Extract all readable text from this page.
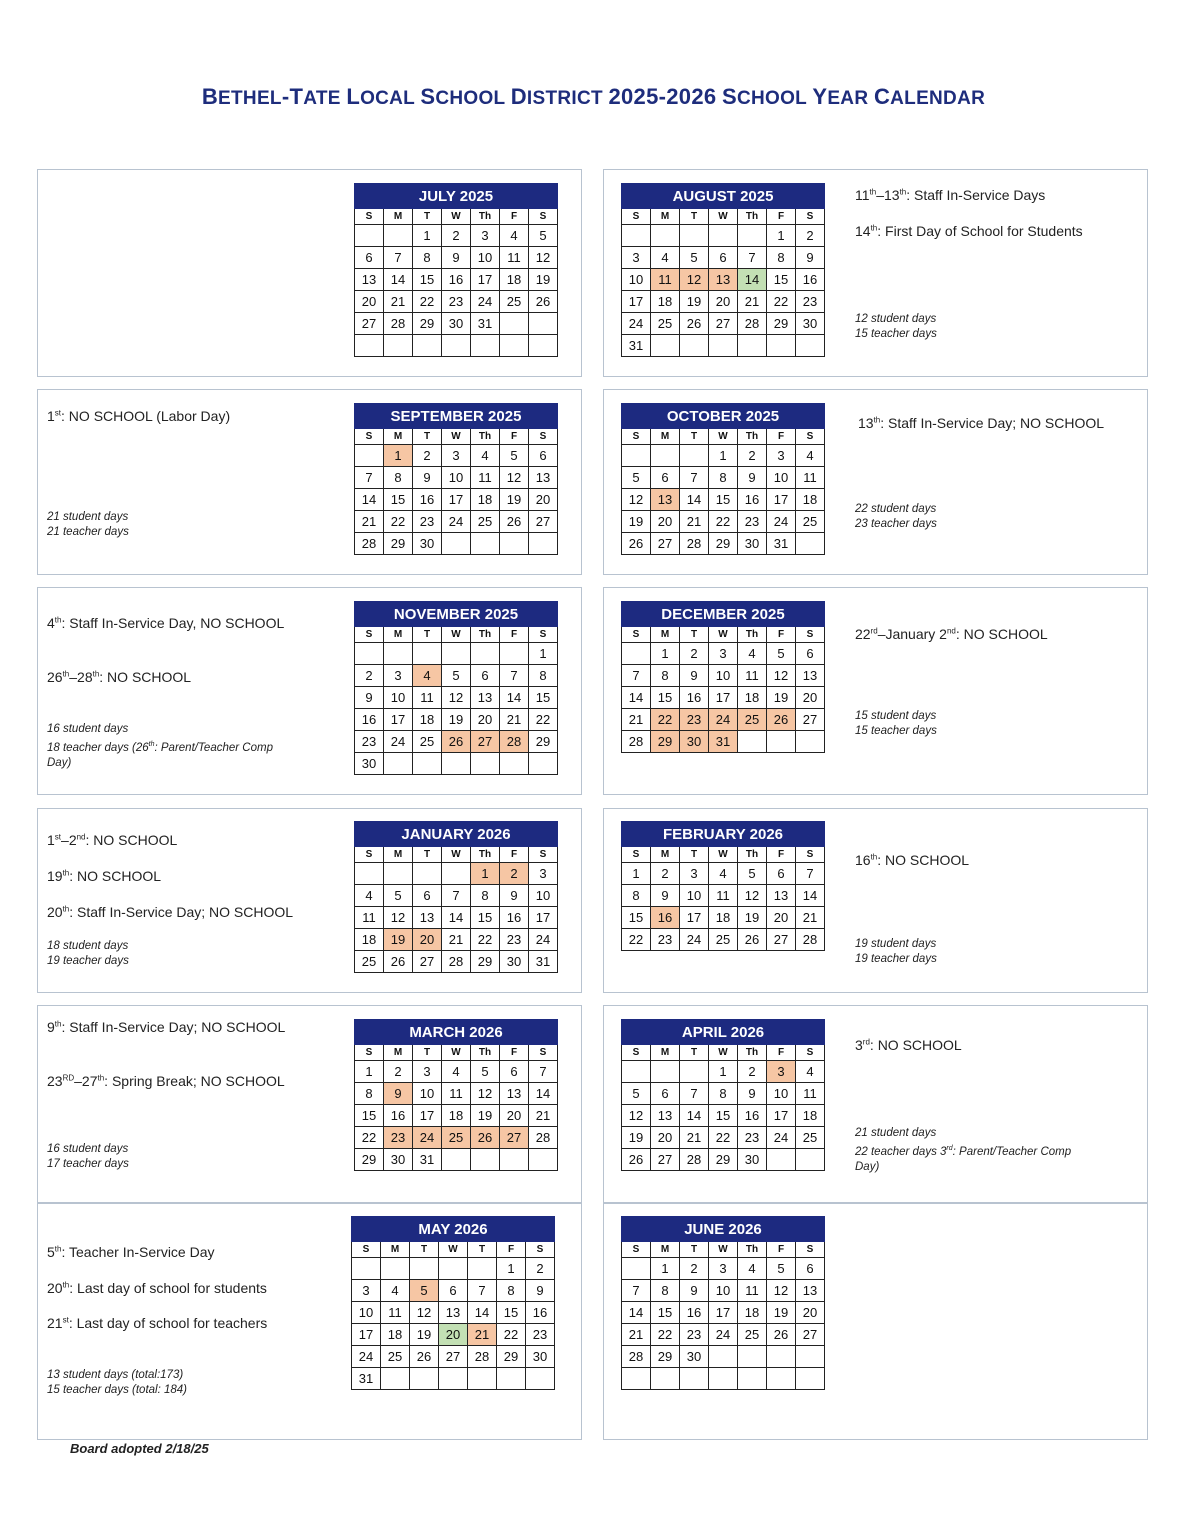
BETHEL-TATE LOCAL SCHOOL DISTRICT 2025-2026 SCHOOL YEAR CALENDAR
JULY 2025						
S	M	T	W	Th	F	S
		1	2	3	4	5
6	7	8	9	10	11	12
13	14	15	16	17	18	19
20	21	22	23	24	25	26
27	28	29	30	31		

AUGUST 2025						
S	M	T	W	Th	F	S
					1	2
3	4	5	6	7	8	9
10	11	12	13	14	15	16
17	18	19	20	21	22	23
24	25	26	27	28	29	30
31						
SEPTEMBER 2025						
S	M	T	W	Th	F	S
	1	2	3	4	5	6
7	8	9	10	11	12	13
14	15	16	17	18	19	20
21	22	23	24	25	26	27
28	29	30				
OCTOBER 2025						
S	M	T	W	Th	F	S
			1	2	3	4
5	6	7	8	9	10	11
12	13	14	15	16	17	18
19	20	21	22	23	24	25
26	27	28	29	30	31	
NOVEMBER 2025						
S	M	T	W	Th	F	S
						1
2	3	4	5	6	7	8
9	10	11	12	13	14	15
16	17	18	19	20	21	22
23	24	25	26	27	28	29
30						
DECEMBER 2025						
S	M	T	W	Th	F	S
	1	2	3	4	5	6
7	8	9	10	11	12	13
14	15	16	17	18	19	20
21	22	23	24	25	26	27
28	29	30	31			
JANUARY 2026						
S	M	T	W	Th	F	S
				1	2	3
4	5	6	7	8	9	10
11	12	13	14	15	16	17
18	19	20	21	22	23	24
25	26	27	28	29	30	31
FEBRUARY 2026						
S	M	T	W	Th	F	S
1	2	3	4	5	6	7
8	9	10	11	12	13	14
15	16	17	18	19	20	21
22	23	24	25	26	27	28
MARCH 2026						
S	M	T	W	Th	F	S
1	2	3	4	5	6	7
8	9	10	11	12	13	14
15	16	17	18	19	20	21
22	23	24	25	26	27	28
29	30	31				
APRIL 2026						
S	M	T	W	Th	F	S
			1	2	3	4
5	6	7	8	9	10	11
12	13	14	15	16	17	18
19	20	21	22	23	24	25
26	27	28	29	30		
MAY 2026						
S	M	T	W	T	F	S
					1	2
3	4	5	6	7	8	9
10	11	12	13	14	15	16
17	18	19	20	21	22	23
24	25	26	27	28	29	30
31						
JUNE 2026						
S	M	T	W	Th	F	S
	1	2	3	4	5	6
7	8	9	10	11	12	13
14	15	16	17	18	19	20
21	22	23	24	25	26	27
28	29	30				

11th–13th: Staff In-Service Days
14th: First Day of School for Students
12 student days
15 teacher days
1st: NO SCHOOL (Labor Day)
21 student days
21 teacher days
13th: Staff In-Service Day; NO SCHOOL
22 student days
23 teacher days
4th: Staff In-Service Day, NO SCHOOL
26th–28th: NO SCHOOL
16 student days
18 teacher days (26th: Parent/Teacher Comp
Day)
22rd–January 2nd: NO SCHOOL
15 student days
15 teacher days
1st–2nd: NO SCHOOL
19th: NO SCHOOL
20th: Staff In-Service Day; NO SCHOOL
18 student days
19 teacher days
16th: NO SCHOOL
19 student days
19 teacher days
9th: Staff In-Service Day; NO SCHOOL
23RD–27th: Spring Break; NO SCHOOL
16 student days
17 teacher days
3rd: NO SCHOOL
21 student days
22 teacher days 3rd: Parent/Teacher Comp
Day)
5th: Teacher In-Service Day
20th: Last day of school for students
21st: Last day of school for teachers
13 student days (total:173)
15 teacher days (total: 184)
Board adopted 2/18/25
